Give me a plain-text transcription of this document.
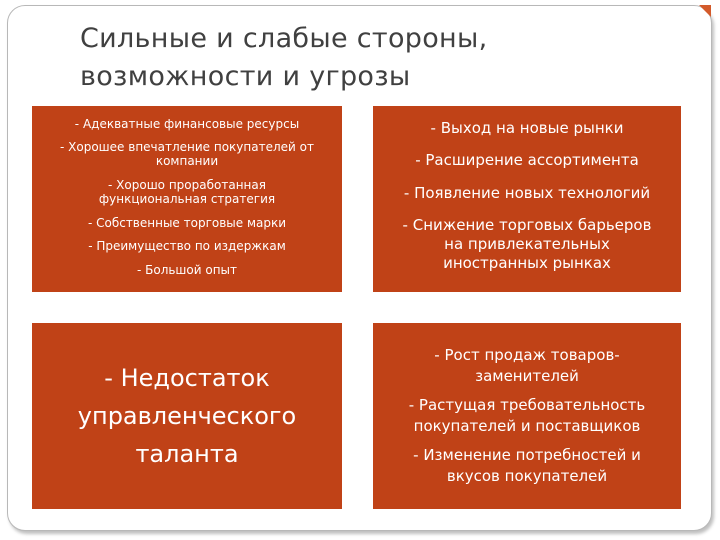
Сильные и слабые стороны,
возможности и угрозы
- Адекватные финансовые ресурсы
- Хорошее впечатление покупателей от компании
- Хорошо проработанная функциональная стратегия
- Собственные торговые марки
- Преимущество по издержкам
- Большой опыт
- Выход на новые рынки
- Расширение ассортимента
- Появление новых технологий
- Снижение торговых барьеров на привлекательных иностранных рынках
- Недостаток управленческого таланта
- Рост продаж товаров-заменителей
- Растущая требовательность покупателей и поставщиков
- Изменение потребностей и вкусов покупателей
